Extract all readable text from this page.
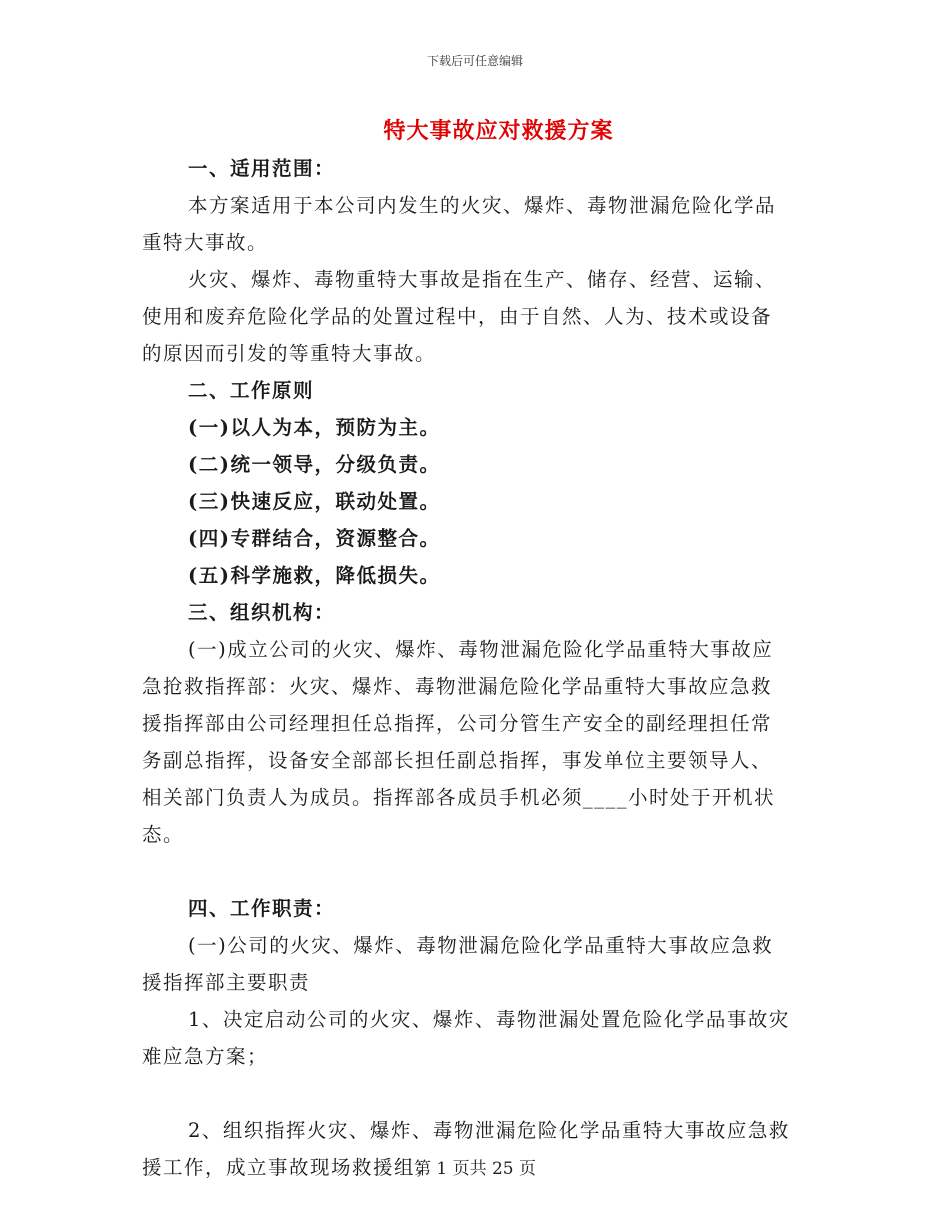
下载后可任意编辑
特大事故应对救援方案
一、适用范围：
本方案适用于本公司内发生的火灾、爆炸、毒物泄漏危险化学品
重特大事故。
火灾、爆炸、毒物重特大事故是指在生产、储存、经营、运输、
使用和废弃危险化学品的处置过程中，由于自然、人为、技术或设备
的原因而引发的等重特大事故。
二、工作原则
(一)以人为本，预防为主。
(二)统一领导，分级负责。
(三)快速反应，联动处置。
(四)专群结合，资源整合。
(五)科学施救，降低损失。
三、组织机构：
(一)成立公司的火灾、爆炸、毒物泄漏危险化学品重特大事故应
急抢救指挥部：火灾、爆炸、毒物泄漏危险化学品重特大事故应急救
援指挥部由公司经理担任总指挥，公司分管生产安全的副经理担任常
务副总指挥，设备安全部部长担任副总指挥，事发单位主要领导人、
相关部门负责人为成员。指挥部各成员手机必须____小时处于开机状
态。
四、工作职责：
(一)公司的火灾、爆炸、毒物泄漏危险化学品重特大事故应急救
援指挥部主要职责
1、决定启动公司的火灾、爆炸、毒物泄漏处置危险化学品事故灾
难应急方案；
2、组织指挥火灾、爆炸、毒物泄漏危险化学品重特大事故应急救
援工作，成立事故现场救援组；
第 1 页共 25 页
